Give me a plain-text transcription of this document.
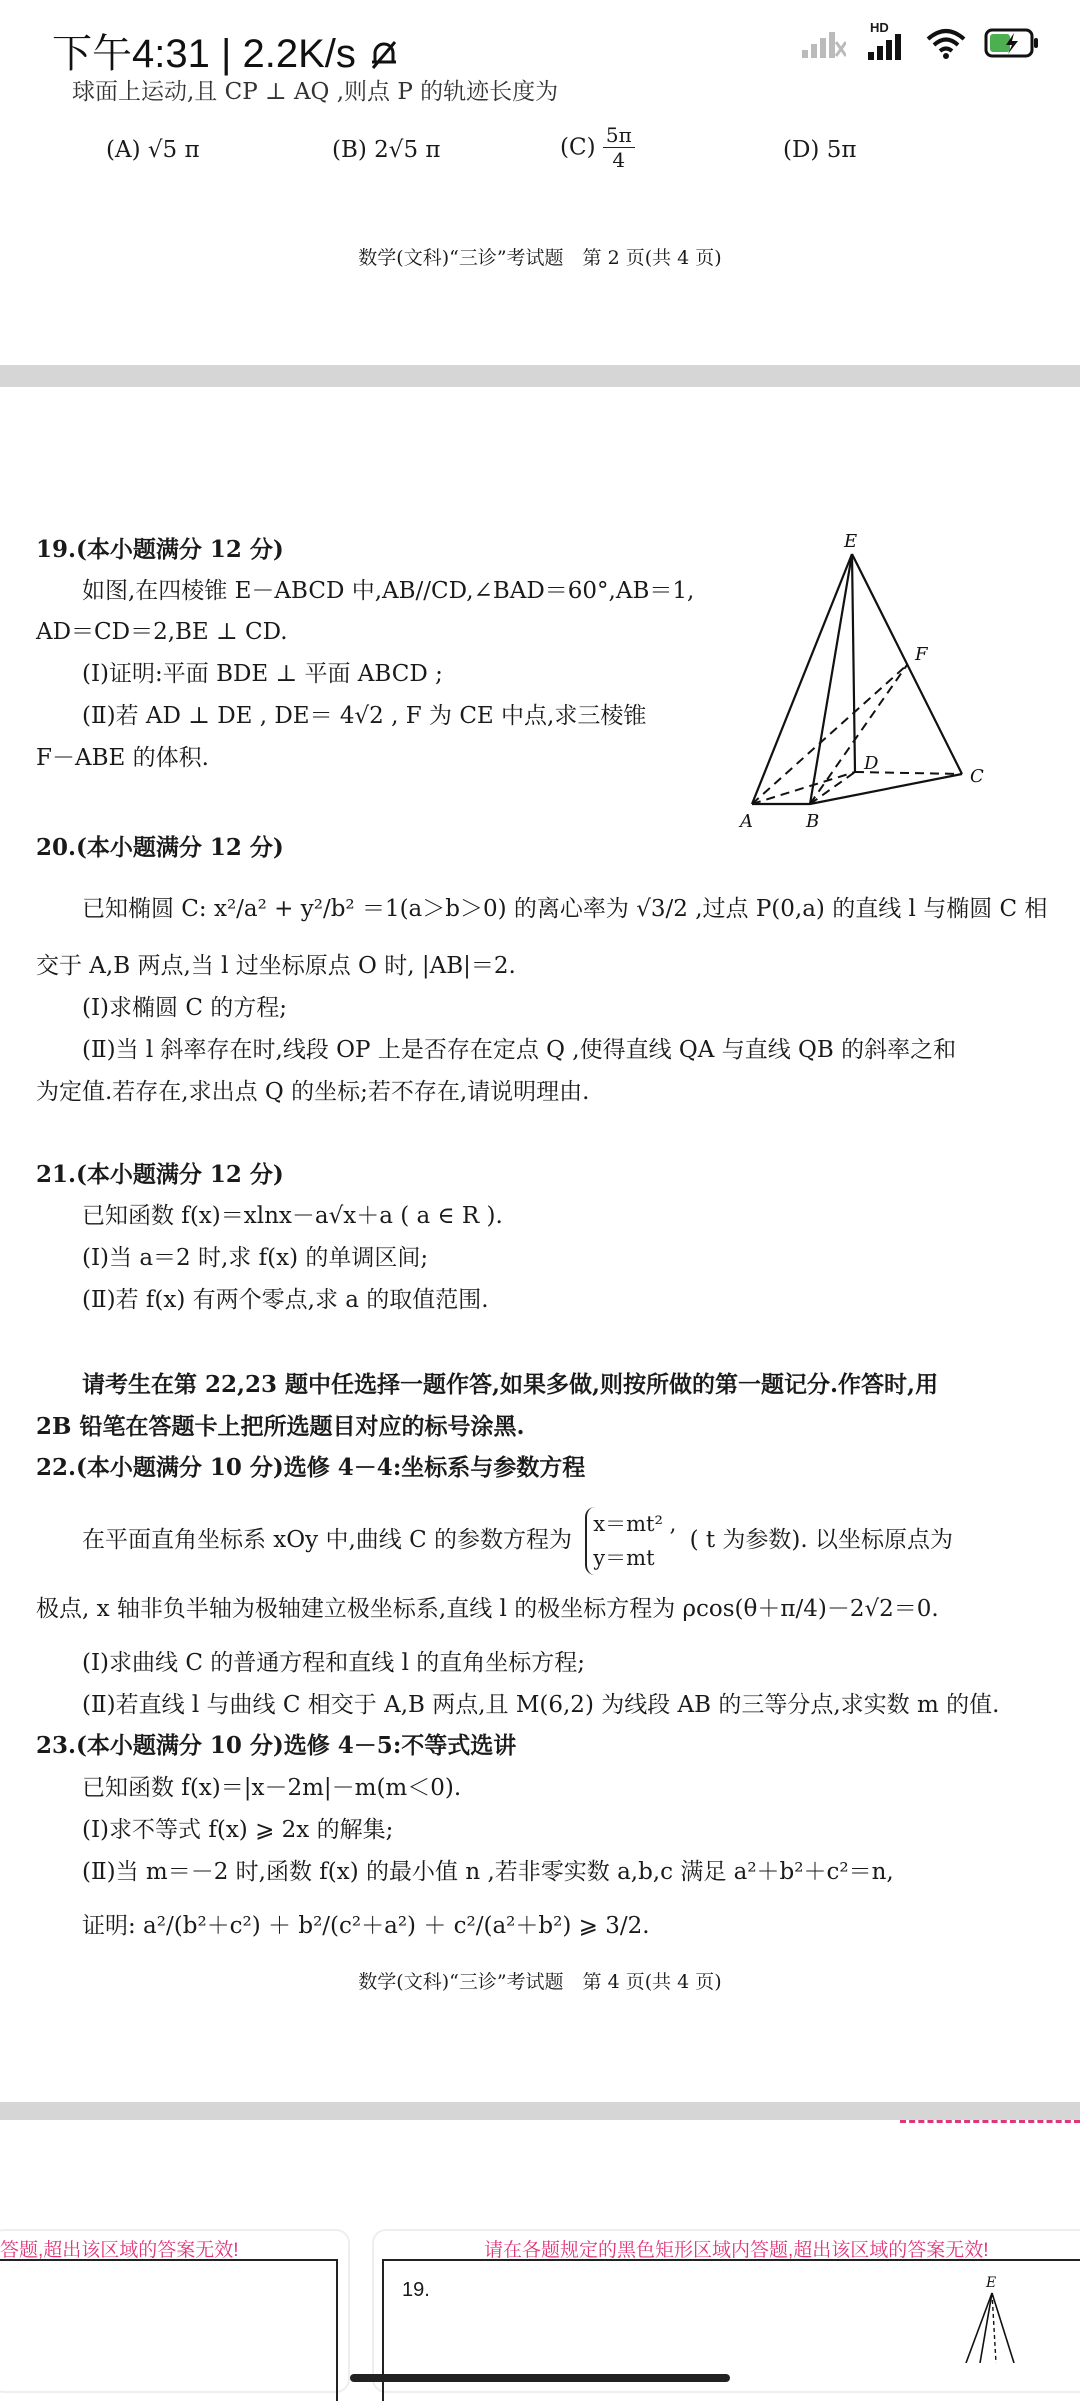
下午4:31 | 2.2K/s
HD
球面上运动,且 CP ⊥ AQ ,则点 P 的轨迹长度为
(A) √5 π	(B) 2√5 π	$(C) \frac{5\pi}{4}$	(D) 5π
数学(文科)“三诊”考试题　第 2 页(共 4 页)
19.(本小题满分 12 分)
如图,在四棱锥 E－ABCD 中,AB//CD,∠BAD＝60°,AB＝1,
AD＝CD＝2,BE ⊥ CD.
(Ⅰ)证明:平面 BDE ⊥ 平面 ABCD ;
(Ⅱ)若 AD ⊥ DE , DE＝ 4√2 , F 为 CE 中点,求三棱锥
F－ABE 的体积.
E
F
D
C
A	B
20.(本小题满分 12 分)
已知椭圆 C: x²/a² + y²/b² ＝1(a＞b＞0) 的离心率为 √3/2 ,过点 P(0,a) 的直线 l 与椭圆 C 相
交于 A,B 两点,当 l 过坐标原点 O 时, |AB|＝2.
(Ⅰ)求椭圆 C 的方程;
(Ⅱ)当 l 斜率存在时,线段 OP 上是否存在定点 Q ,使得直线 QA 与直线 QB 的斜率之和
为定值.若存在,求出点 Q 的坐标;若不存在,请说明理由.
21.(本小题满分 12 分)
已知函数 f(x)＝xlnx－a√x＋a ( a ∈ R ).
(Ⅰ)当 a＝2 时,求 f(x) 的单调区间;
(Ⅱ)若 f(x) 有两个零点,求 a 的取值范围.
请考生在第 22,23 题中任选择一题作答,如果多做,则按所做的第一题记分.作答时,用
2B 铅笔在答题卡上把所选题目对应的标号涂黑.
22.(本小题满分 10 分)选修 4－4:坐标系与参数方程
在平面直角坐标系 xOy 中,曲线 C 的参数方程为
x＝mt² ,
y＝mt
( t 为参数). 以坐标原点为
极点, x 轴非负半轴为极轴建立极坐标系,直线 l 的极坐标方程为 ρcos(θ＋π/4)－2√2＝0.
(Ⅰ)求曲线 C 的普通方程和直线 l 的直角坐标方程;
(Ⅱ)若直线 l 与曲线 C 相交于 A,B 两点,且 M(6,2) 为线段 AB 的三等分点,求实数 m 的值.
23.(本小题满分 10 分)选修 4－5:不等式选讲
已知函数 f(x)＝|x－2m|－m(m＜0).
(Ⅰ)求不等式 f(x) ⩾ 2x 的解集;
(Ⅱ)当 m＝－2 时,函数 f(x) 的最小值 n ,若非零实数 a,b,c 满足 a²＋b²＋c²＝n,
证明: a²/(b²＋c²) ＋ b²/(c²＋a²) ＋ c²/(a²＋b²) ⩾ 3/2.
数学(文科)“三诊”考试题　第 4 页(共 4 页)
答题,超出该区域的答案无效!	请在各题规定的黑色矩形区域内答题,超出该区域的答案无效!
19.	E
